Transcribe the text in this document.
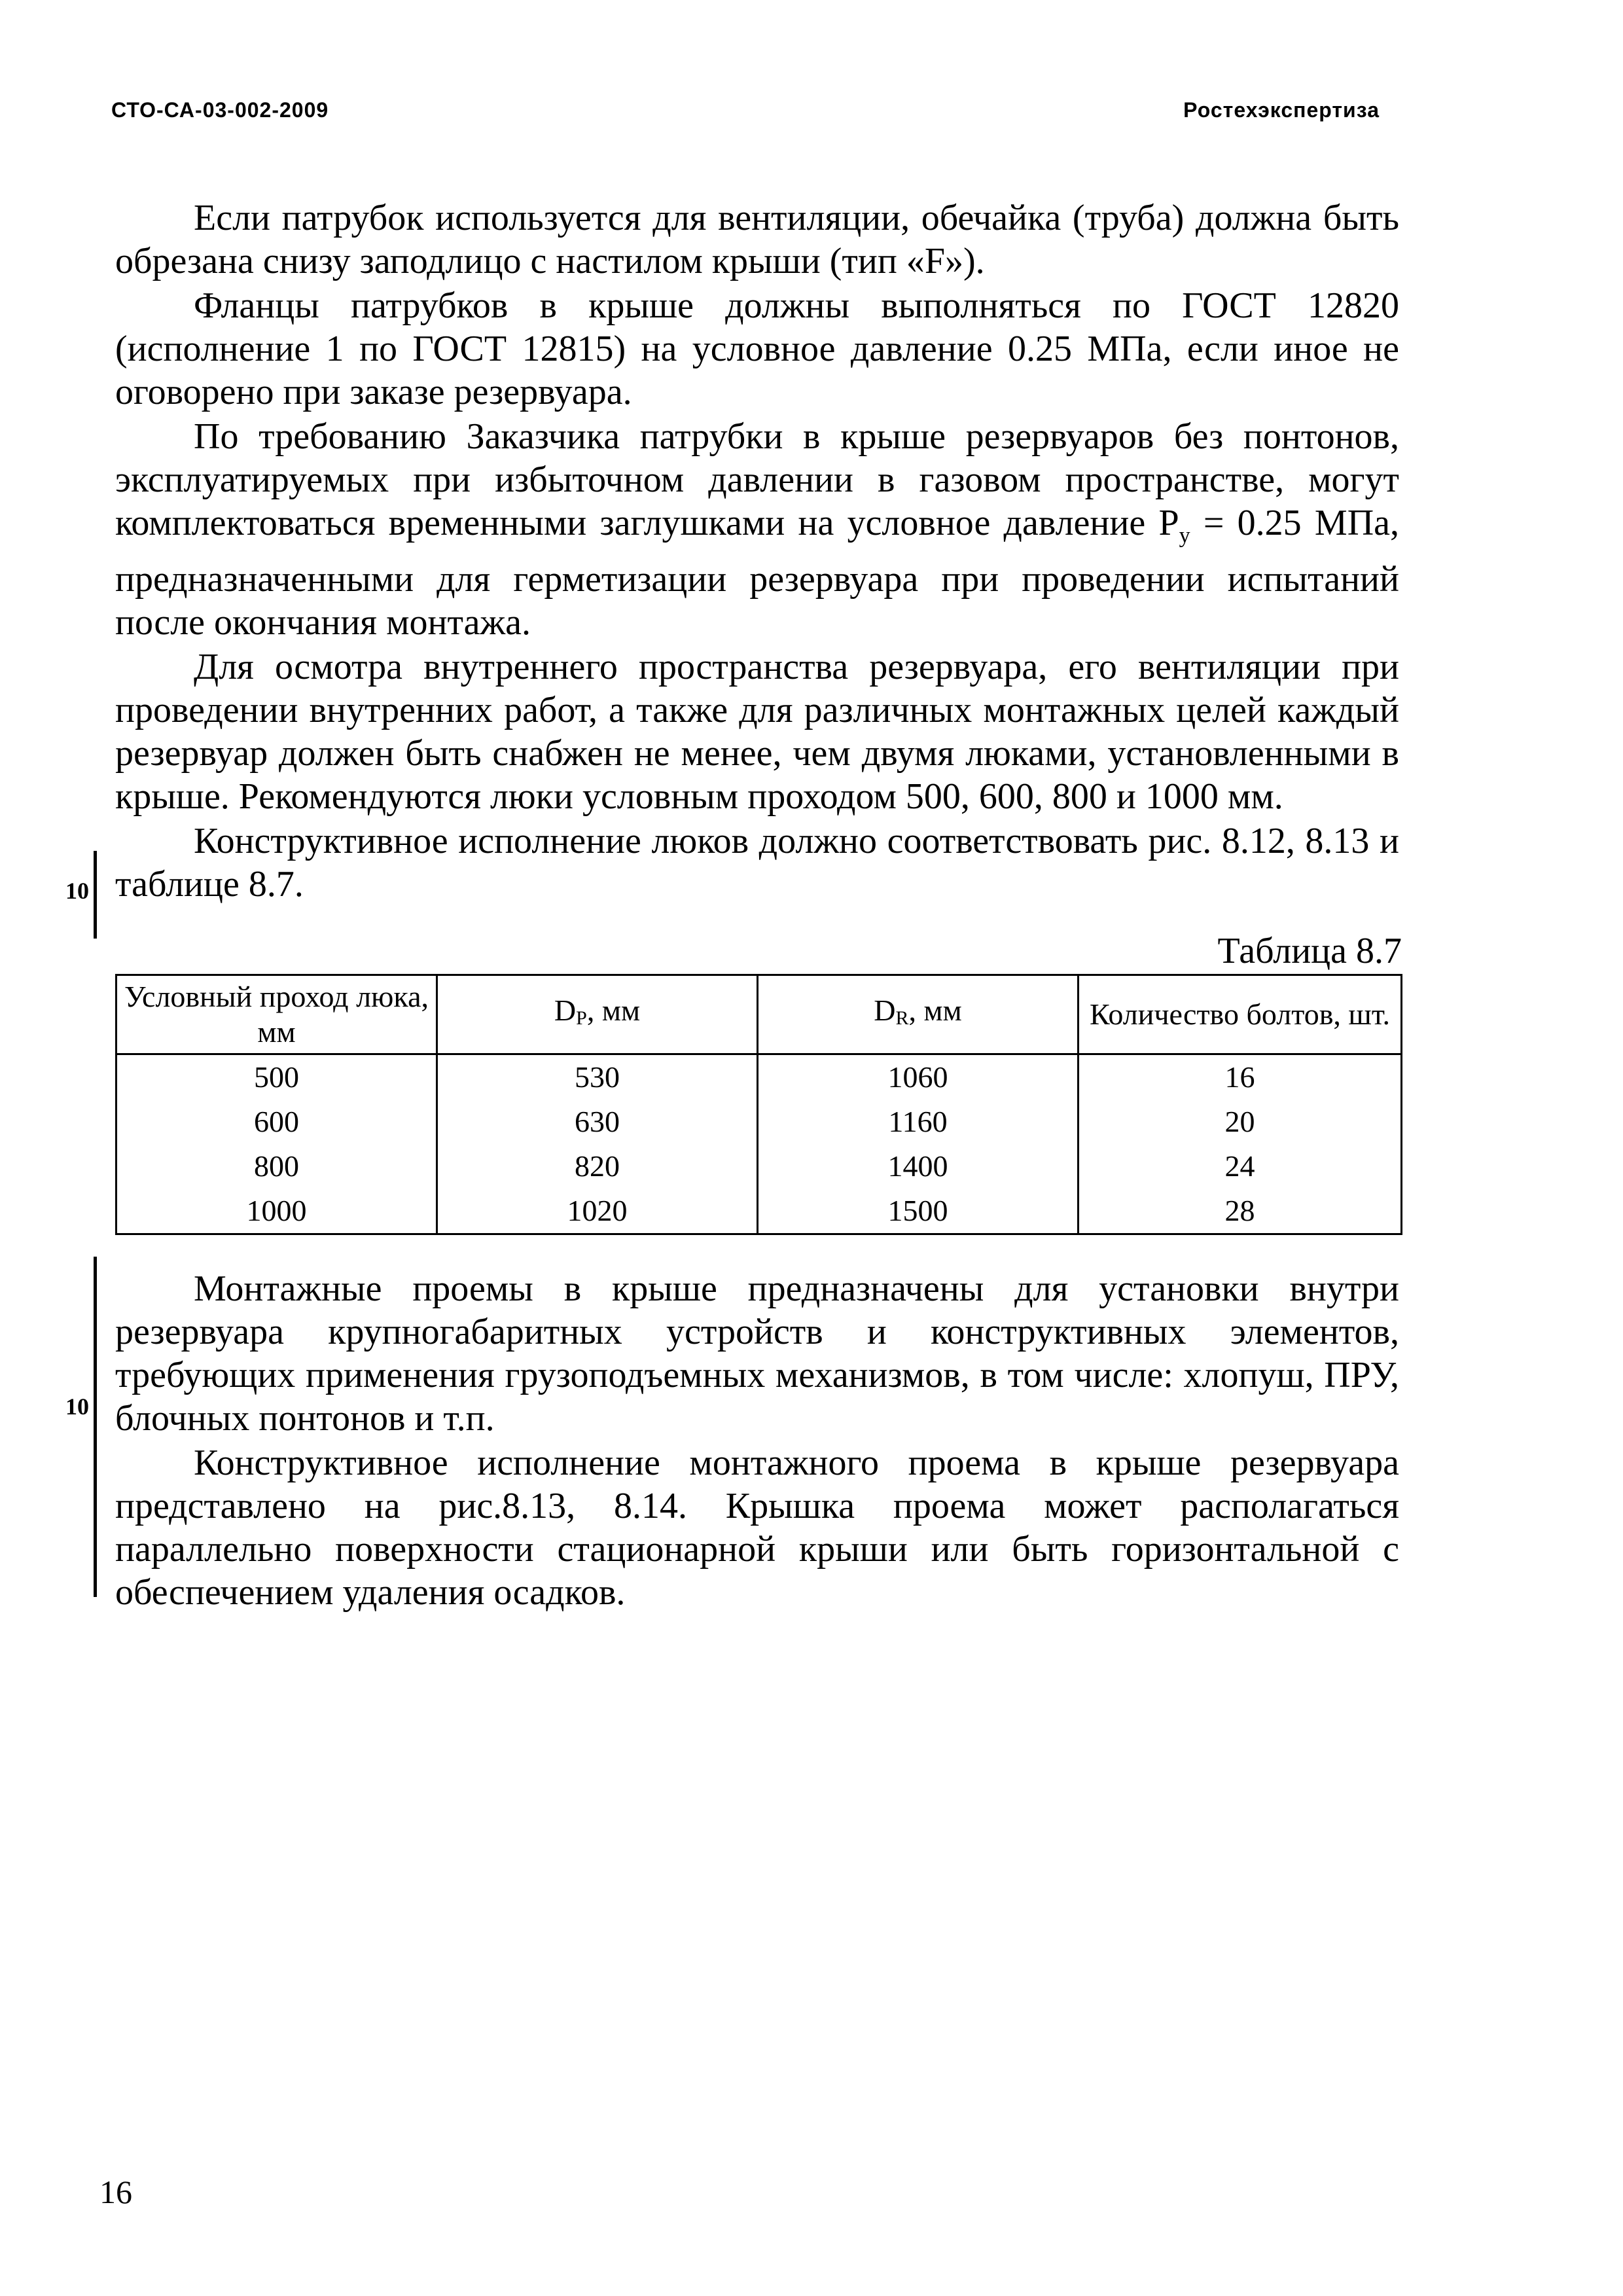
СТО-СА-03-002-2009	Ростехэкспертиза

Если патрубок используется для вентиляции, обечайка (труба) должна быть обрезана снизу заподлицо с настилом крыши (тип «F»).

Фланцы патрубков в крыше должны выполняться по ГОСТ 12820 (исполнение 1 по ГОСТ 12815) на условное давление 0.25 МПа, если иное не оговорено при заказе резервуара.

По требованию Заказчика патрубки в крыше резервуаров без понтонов, эксплуатируемых при избыточном давлении в газовом пространстве, могут комплектоваться временными заглушками на условное давление $P_у = 0.25$ МПа, предназначенными для герметизации резервуара при проведении испытаний после окончания монтажа.

Для осмотра внутреннего пространства резервуара, его вентиляции при проведении внутренних работ, а также для различных монтажных целей каждый резервуар должен быть снабжен не менее, чем двумя люками, установленными в крыше. Рекомендуются люки условным проходом 500, 600, 800 и 1000 мм.

Конструктивное исполнение люков должно соответствовать рис. 8.12, 8.13 и таблице 8.7.

10
Таблица 8.7
Условный проход люка, мм	$D_P$, мм	$D_R$, мм	Количество болтов, шт.
500	530	1060	16
600	630	1160	20
800	820	1400	24
1000	1020	1500	28
10

Монтажные проемы в крыше предназначены для установки внутри резервуара крупногабаритных устройств и конструктивных элементов, требующих применения грузоподъемных механизмов, в том числе: хлопуш, ПРУ, блочных понтонов и т.п.

Конструктивное исполнение монтажного проема в крыше резервуара представлено на рис.8.13, 8.14. Крышка проема может располагаться параллельно поверхности стационарной крыши или быть горизонтальной с обеспечением удаления осадков.

16
